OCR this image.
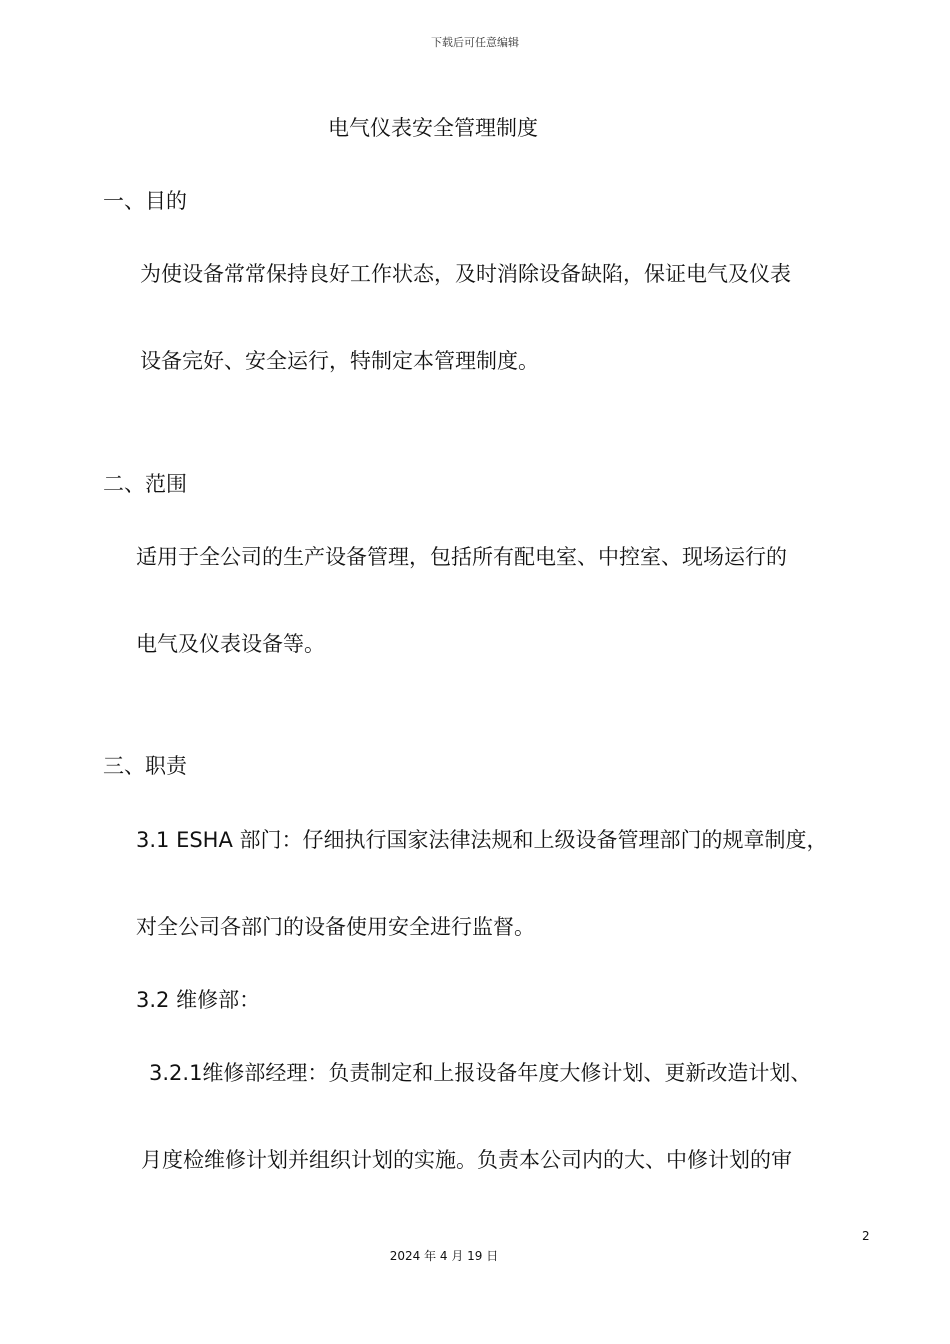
下载后可任意编辑
电气仪表安全管理制度
一、目的
为使设备常常保持良好工作状态，及时消除设备缺陷，保证电气及仪表
设备完好、安全运行，特制定本管理制度。
二、范围
适用于全公司的生产设备管理，包括所有配电室、中控室、现场运行的
电气及仪表设备等。
三、职责
3.1 ESHA 部门：仔细执行国家法律法规和上级设备管理部门的规章制度，
对全公司各部门的设备使用安全进行监督。
3.2 维修部：
3.2.1维修部经理：负责制定和上报设备年度大修计划、更新改造计划、
月度检维修计划并组织计划的实施。负责本公司内的大、中修计划的审
2
2024 年 4 月 19 日
